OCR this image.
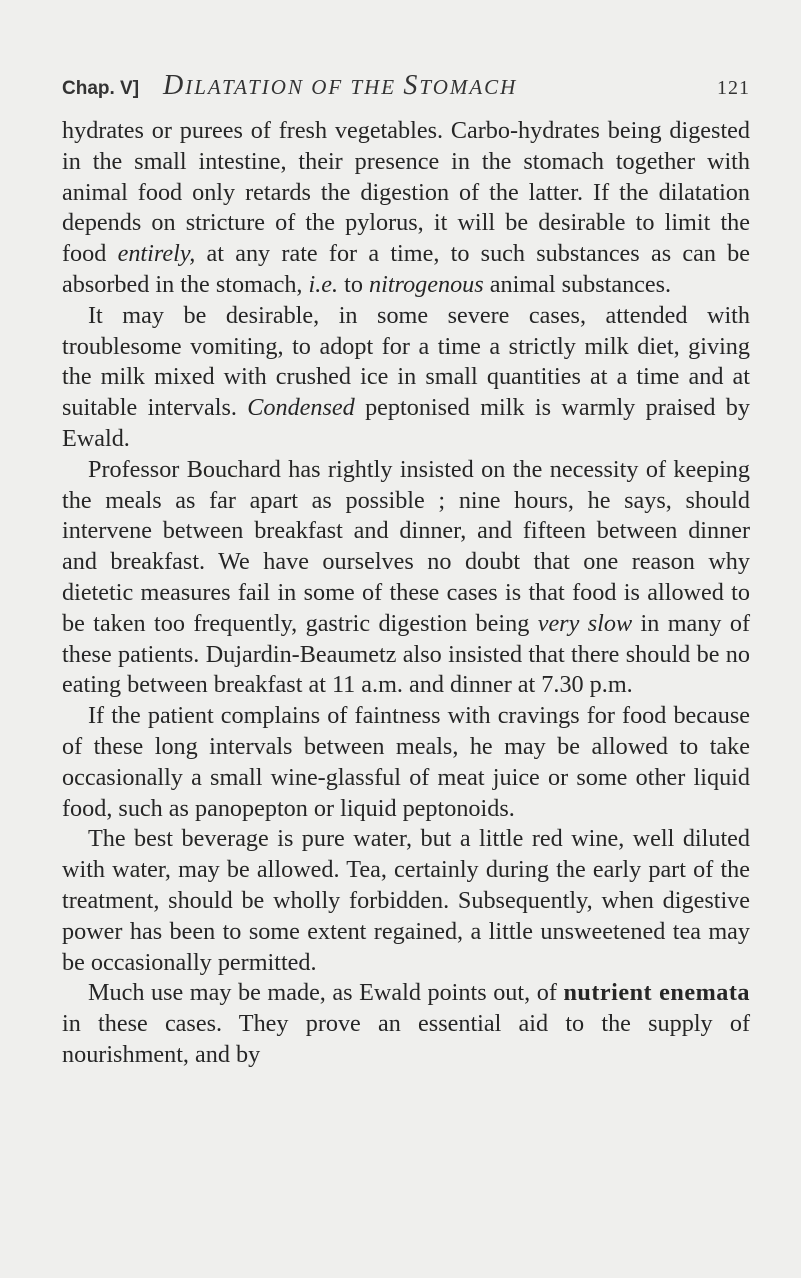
Chap. V] DILATATION OF THE STOMACH	121

hydrates or purees of fresh vegetables. Carbo-hydrates being digested in the small intestine, their presence in the stomach together with animal food only retards the digestion of the latter. If the dilatation depends on stricture of the pylorus, it will be desirable to limit the food entirely, at any rate for a time, to such substances as can be absorbed in the stomach, i.e. to nitrogenous animal substances.

It may be desirable, in some severe cases, attended with troublesome vomiting, to adopt for a time a strictly milk diet, giving the milk mixed with crushed ice in small quantities at a time and at suitable intervals. Condensed peptonised milk is warmly praised by Ewald.

Professor Bouchard has rightly insisted on the necessity of keeping the meals as far apart as possible ; nine hours, he says, should intervene between breakfast and dinner, and fifteen between dinner and breakfast. We have ourselves no doubt that one reason why dietetic measures fail in some of these cases is that food is allowed to be taken too frequently, gastric digestion being very slow in many of these patients. Dujardin-Beaumetz also insisted that there should be no eating between breakfast at 11 a.m. and dinner at 7.30 p.m.

If the patient complains of faintness with cravings for food because of these long intervals between meals, he may be allowed to take occasionally a small wine-glassful of meat juice or some other liquid food, such as panopepton or liquid peptonoids.

The best beverage is pure water, but a little red wine, well diluted with water, may be allowed. Tea, certainly during the early part of the treatment, should be wholly forbidden. Subsequently, when digestive power has been to some extent regained, a little unsweetened tea may be occasionally permitted.

Much use may be made, as Ewald points out, of nutrient enemata in these cases. They prove an essential aid to the supply of nourishment, and by
